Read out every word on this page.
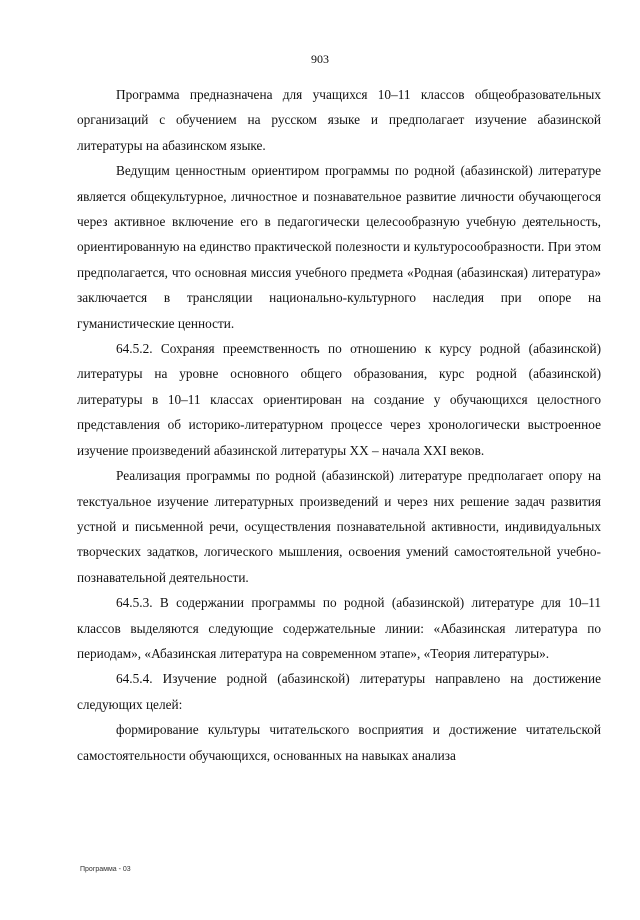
903

Программа предназначена для учащихся 10–11 классов общеобразовательных организаций с обучением на русском языке и предполагает изучение абазинской литературы на абазинском языке.

Ведущим ценностным ориентиром программы по родной (абазинской) литературе является общекультурное, личностное и познавательное развитие личности обучающегося через активное включение его в педагогически целесообразную учебную деятельность, ориентированную на единство практической полезности и культуросообразности. При этом предполагается, что основная миссия учебного предмета «Родная (абазинская) литература» заключается в трансляции национально-культурного наследия при опоре на гуманистические ценности.

64.5.2. Сохраняя преемственность по отношению к курсу родной (абазинской) литературы на уровне основного общего образования, курс родной (абазинской) литературы в 10–11 классах ориентирован на создание у обучающихся целостного представления об историко-литературном процессе через хронологически выстроенное изучение произведений абазинской литературы XX – начала XXI веков.

Реализация программы по родной (абазинской) литературе предполагает опору на текстуальное изучение литературных произведений и через них решение задач развития устной и письменной речи, осуществления познавательной активности, индивидуальных творческих задатков, логического мышления, освоения умений самостоятельной учебно-познавательной деятельности.

64.5.3. В содержании программы по родной (абазинской) литературе для 10–11 классов выделяются следующие содержательные линии: «Абазинская литература по периодам», «Абазинская литература на современном этапе», «Теория литературы».

64.5.4. Изучение родной (абазинской) литературы направлено на достижение следующих целей:

формирование культуры читательского восприятия и достижение читательской самостоятельности обучающихся, основанных на навыках анализа

Программа - 03
